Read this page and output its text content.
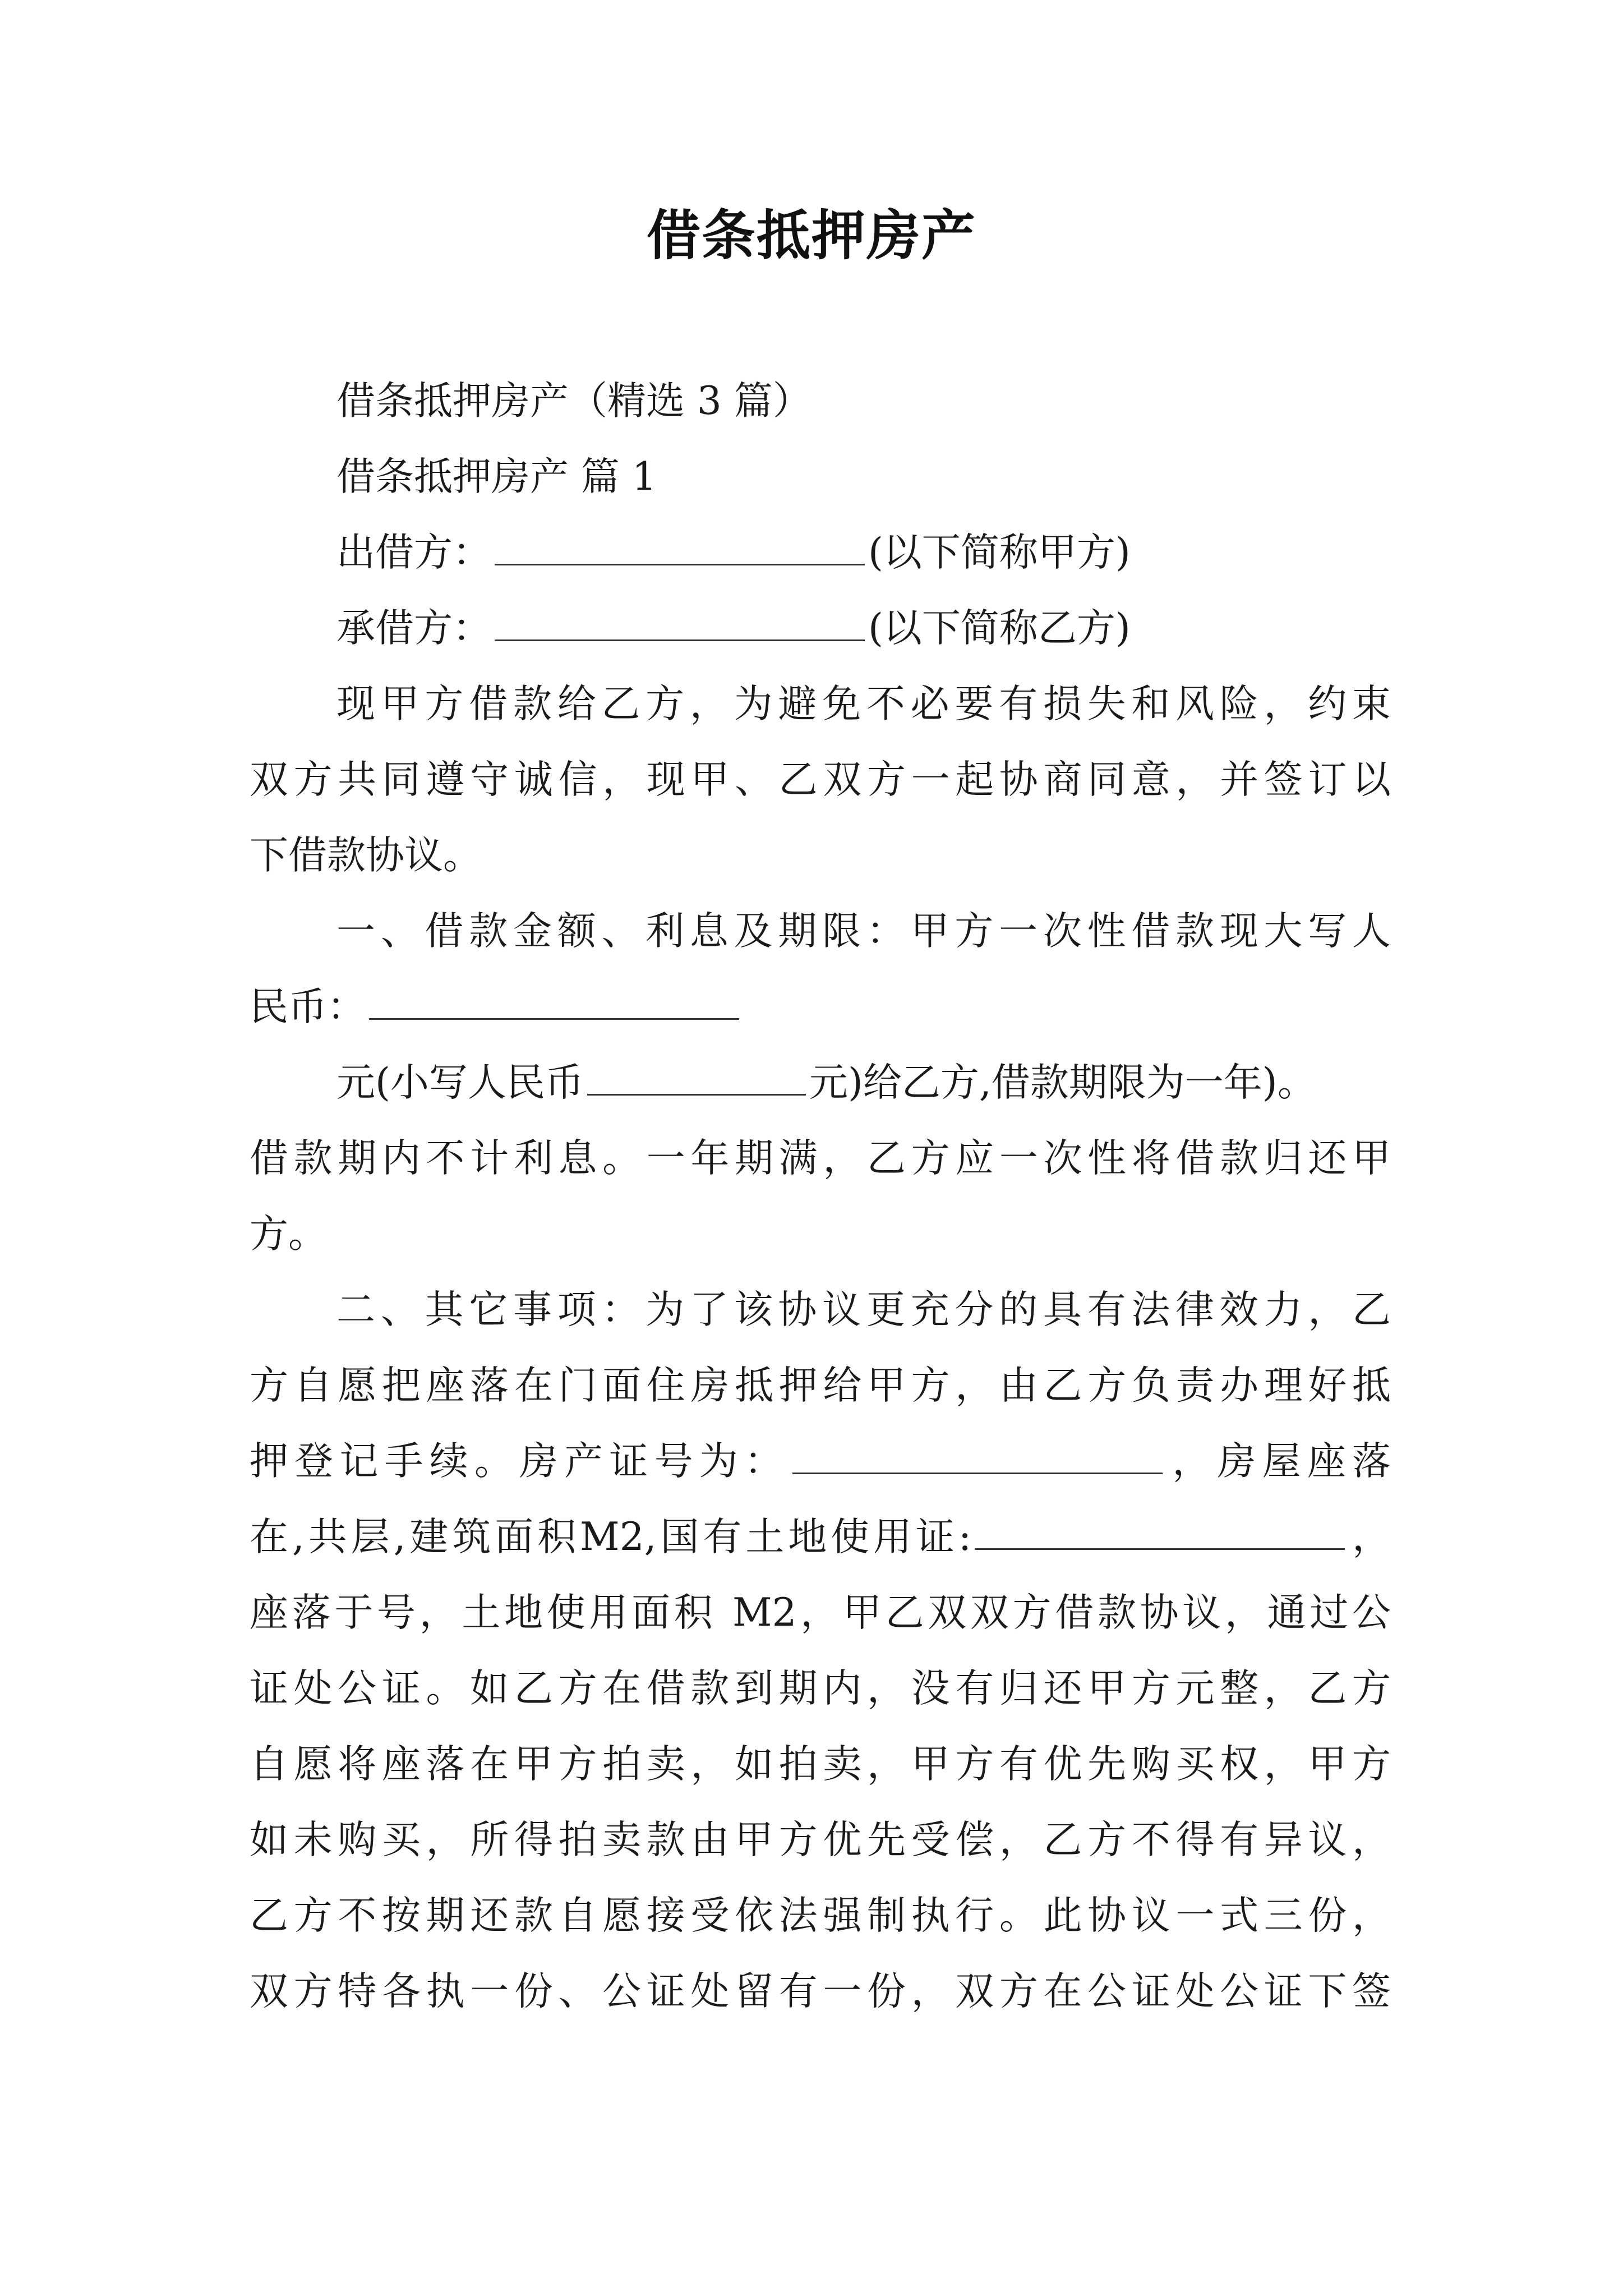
借条抵押房产
借条抵押房产（精选 3 篇）
借条抵押房产 篇 1
出借方：	(以下简称甲方)
承借方：	(以下简称乙方)
现甲方借款给乙方，为避免不必要有损失和风险，约束
双方共同遵守诚信，现甲、乙双方一起协商同意，并签订以
下借款协议。
一、借款金额、利息及期限：甲方一次性借款现大写人
民币：
元(小写人民币	元)给乙方,借款期限为一年)。
借款期内不计利息。一年期满，乙方应一次性将借款归还甲
方。
二、其它事项：为了该协议更充分的具有法律效力，乙
方自愿把座落在门面住房抵押给甲方，由乙方负责办理好抵
押登记手续。房产证号为：	，房屋座落
在,共层,建筑面积M2,国有土地使用证:	，
座落于号，土地使用面积 M2，甲乙双双方借款协议，通过公
证处公证。如乙方在借款到期内，没有归还甲方元整，乙方
自愿将座落在甲方拍卖，如拍卖，甲方有优先购买权，甲方
如未购买，所得拍卖款由甲方优先受偿，乙方不得有异议，
乙方不按期还款自愿接受依法强制执行。此协议一式三份，
双方特各执一份、公证处留有一份，双方在公证处公证下签
